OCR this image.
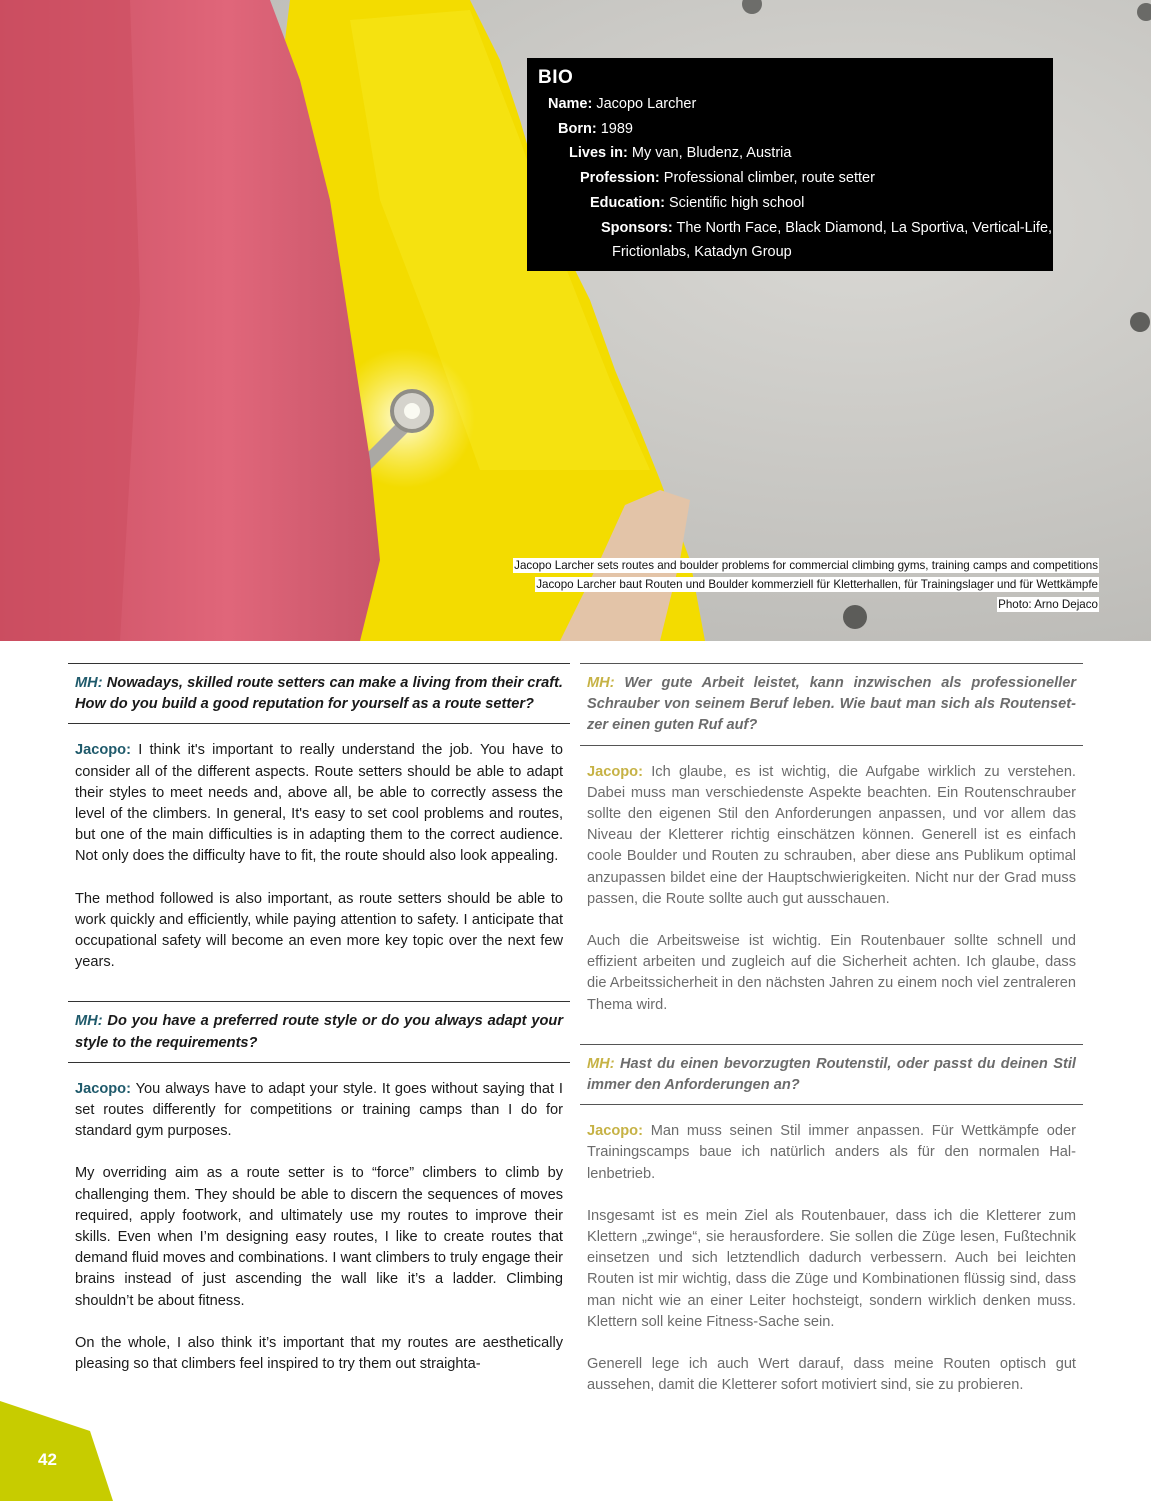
BIO
Name: Jacopo Larcher
Born: 1989
Lives in: My van, Bludenz, Austria
Profession: Professional climber, route setter
Education: Scientific high school
Sponsors: The North Face, Black Diamond, La Sportiva, Vertical-Life,
Frictionlabs, Katadyn Group
Jacopo Larcher sets routes and boulder problems for commercial climbing gyms, training camps and competitions
Jacopo Larcher baut Routen und Boulder kommerziell für Kletterhallen, für Trainingslager und für Wettkämpfe
Photo: Arno Dejaco
MH: Nowadays, skilled route setters can make a living from their craft. How do you build a good reputation for yourself as a route setter?

Jacopo: I think it's important to really understand the job. You have to consider all of the different aspects. Route setters should be able to adapt their styles to meet needs and, above all, be able to correctly assess the level of the climbers. In general, It's easy to set cool problems and routes, but one of the main difficulties is in adapting them to the correct audience. Not only does the difficulty have to fit, the route should also look appealing.

The method followed is also important, as route setters should be able to work quickly and efficiently, while paying attention to safety. I anticipate that occupational safety will become an even more key topic over the next few years.

MH: Do you have a preferred route style or do you always adapt your style to the requirements?

Jacopo: You always have to adapt your style. It goes without saying that I set routes differently for competitions or training camps than I do for standard gym purposes.

My overriding aim as a route setter is to “force” climbers to climb by challenging them. They should be able to discern the sequences of moves required, apply footwork, and ultimately use my routes to improve their skills. Even when I’m designing easy routes, I like to create routes that demand fluid moves and combinations. I want climbers to truly engage their brains instead of just ascending the wall like it’s a ladder. Climbing shouldn’t be about fitness.

On the whole, I also think it’s important that my routes are aesthetically pleasing so that climbers feel inspired to try them out straighta-

MH: Wer gute Arbeit leistet, kann inzwischen als professioneller Schrauber von seinem Beruf leben. Wie baut man sich als Routensetzer einen guten Ruf auf?

Jacopo: Ich glaube, es ist wichtig, die Aufgabe wirklich zu verstehen. Dabei muss man verschiedenste Aspekte beachten. Ein Routenschrauber sollte den eigenen Stil den Anforderungen anpassen, und vor allem das Niveau der Kletterer richtig einschätzen können. Generell ist es einfach coole Boulder und Routen zu schrauben, aber diese ans Publikum optimal anzupassen bildet eine der Hauptschwierigkeiten. Nicht nur der Grad muss passen, die Route sollte auch gut ausschauen.

Auch die Arbeitsweise ist wichtig. Ein Routenbauer sollte schnell und effizient arbeiten und zugleich auf die Sicherheit achten. Ich glaube, dass die Arbeitssicherheit in den nächsten Jahren zu einem noch viel zentraleren Thema wird.

MH: Hast du einen bevorzugten Routenstil, oder passt du deinen Stil immer den Anforderungen an?

Jacopo: Man muss seinen Stil immer anpassen. Für Wettkämpfe oder Trainingscamps baue ich natürlich anders als für den normalen Hallenbetrieb.

Insgesamt ist es mein Ziel als Routenbauer, dass ich die Kletterer zum Klettern „zwinge“, sie herausfordere. Sie sollen die Züge lesen, Fußtechnik einsetzen und sich letztendlich dadurch verbessern. Auch bei leichten Routen ist mir wichtig, dass die Züge und Kombinationen flüssig sind, dass man nicht wie an einer Leiter hochsteigt, sondern wirklich denken muss. Klettern soll keine Fitness-Sache sein.

Generell lege ich auch Wert darauf, dass meine Routen optisch gut aussehen, damit die Kletterer sofort motiviert sind, sie zu probieren.

42
